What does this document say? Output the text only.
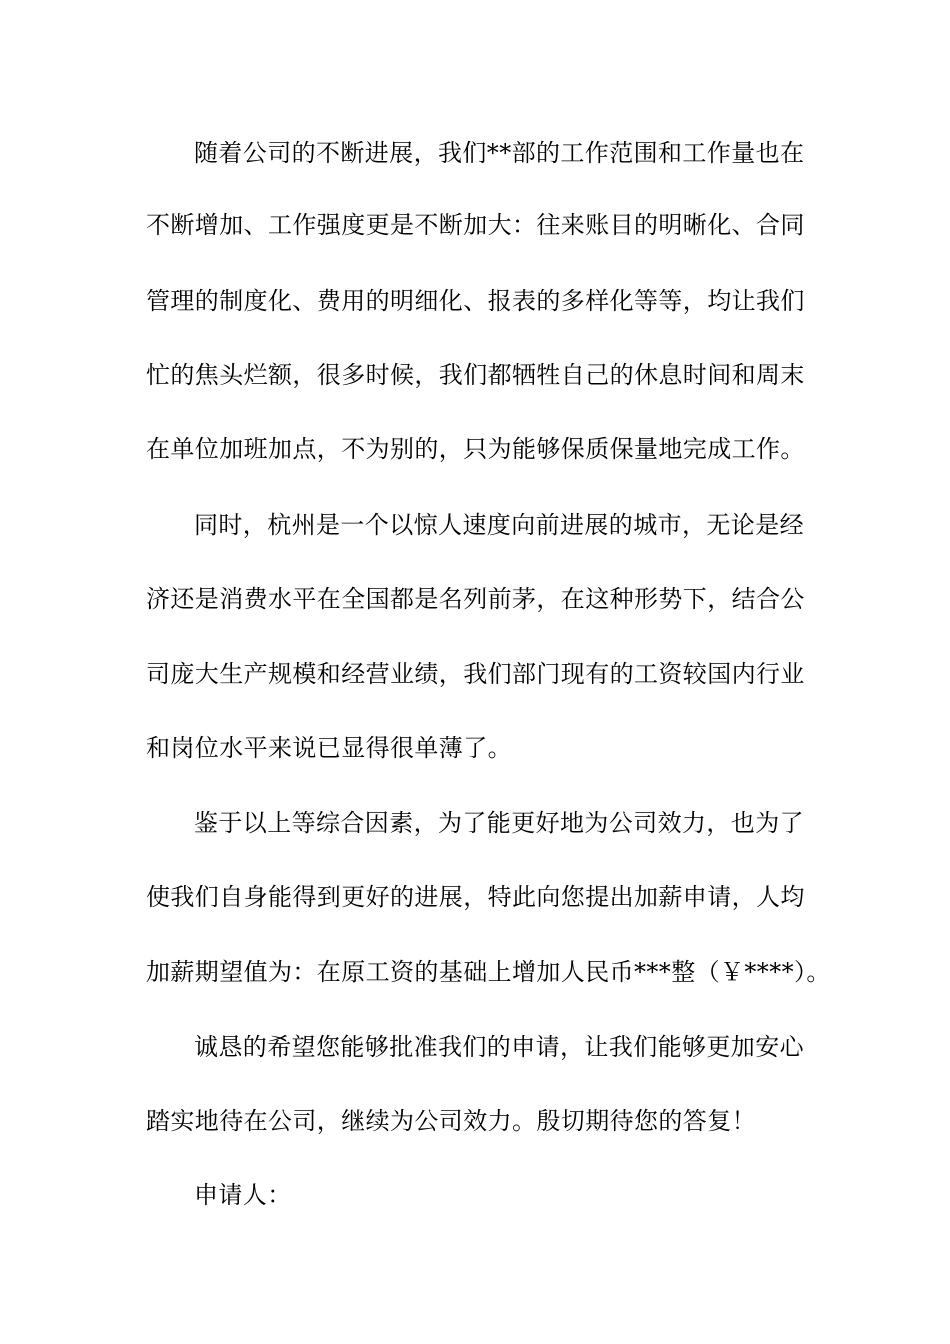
随着公司的不断进展，我们**部的工作范围和工作量也在
不断增加、工作强度更是不断加大：往来账目的明晰化、合同
管理的制度化、费用的明细化、报表的多样化等等，均让我们
忙的焦头烂额，很多时候，我们都牺牲自己的休息时间和周末
在单位加班加点，不为别的，只为能够保质保量地完成工作。
同时，杭州是一个以惊人速度向前进展的城市，无论是经
济还是消费水平在全国都是名列前茅，在这种形势下，结合公
司庞大生产规模和经营业绩，我们部门现有的工资较国内行业
和岗位水平来说已显得很单薄了。
鉴于以上等综合因素，为了能更好地为公司效力，也为了
使我们自身能得到更好的进展，特此向您提出加薪申请，人均
加薪期望值为：在原工资的基础上增加人民币***整（￥****）。
诚恳的希望您能够批准我们的申请，让我们能够更加安心
踏实地待在公司，继续为公司效力。殷切期待您的答复！
申请人：
